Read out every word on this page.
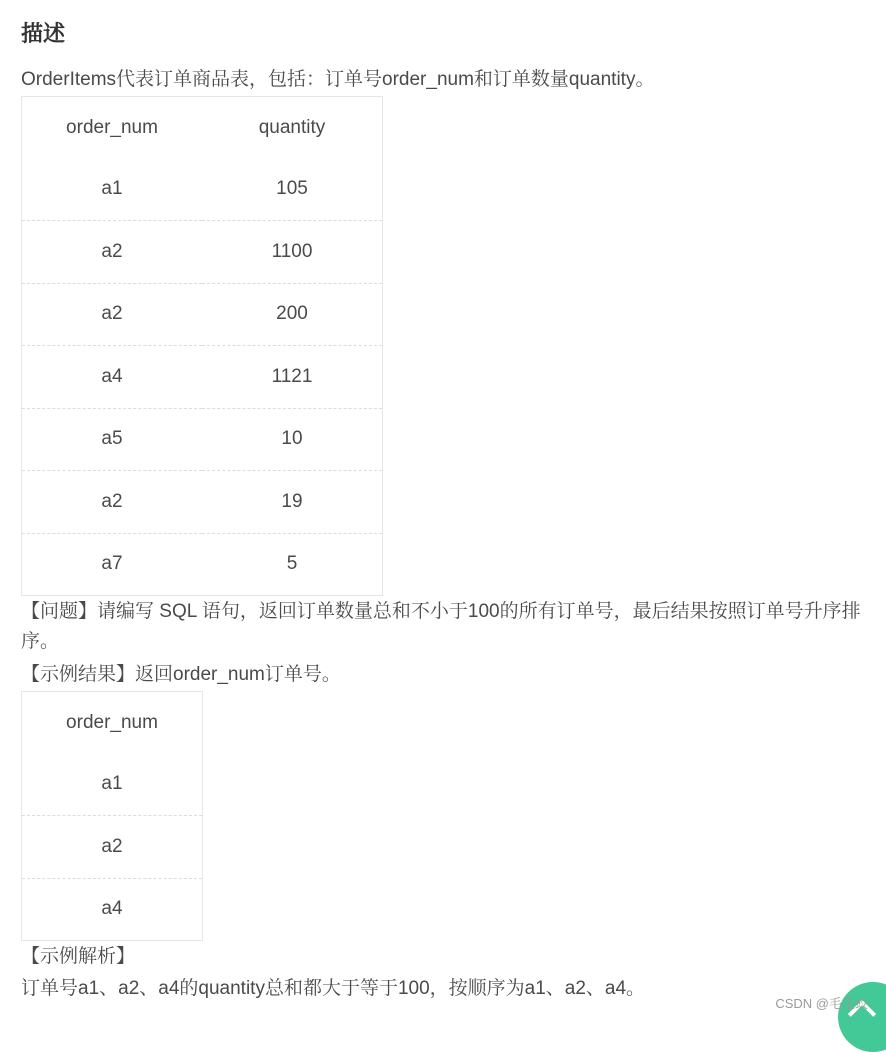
描述
OrderItems代表订单商品表，包括：订单号order_num和订单数量quantity。
order_num	quantity
a1	105
a2	1100
a2	200
a4	1121
a5	10
a2	19
a7	5
【问题】请编写 SQL 语句，返回订单数量总和不小于100的所有订单号，最后结果按照订单号升序排序。
【示例结果】返回order_num订单号。
order_num
a1
a2
a4
【示例解析】
订单号a1、a2、a4的quantity总和都大于等于100，按顺序为a1、a2、a4。
CSDN @毛毛蛟
